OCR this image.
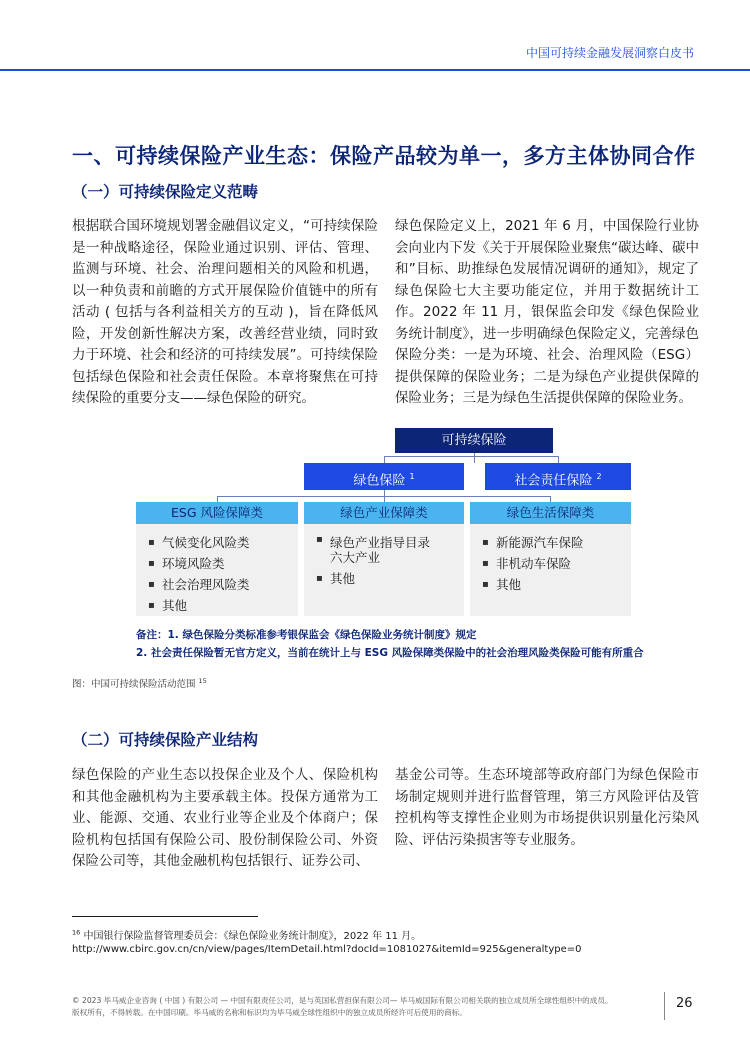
中国可持续金融发展洞察白皮书
一、可持续保险产业生态：保险产品较为单一，多方主体协同合作
（一）可持续保险定义范畴

根据联合国环境规划署金融倡议定义，“可持续保险是一种战略途径，保险业通过识别、评估、管理、监测与环境、社会、治理问题相关的风险和机遇，以一种负责和前瞻的方式开展保险价值链中的所有活动 ( 包括与各利益相关方的互动 )，旨在降低风险，开发创新性解决方案，改善经营业绩，同时致力于环境、社会和经济的可持续发展”。可持续保险包括绿色保险和社会责任保险。本章将聚焦在可持续保险的重要分支——绿色保险的研究。

绿色保险定义上，2021 年 6 月，中国保险行业协会向业内下发《关于开展保险业聚焦“碳达峰、碳中和”目标、助推绿色发展情况调研的通知》，规定了绿色保险七大主要功能定位，并用于数据统计工作。2022 年 11 月，银保监会印发《绿色保险业务统计制度》，进一步明确绿色保险定义，完善绿色保险分类：一是为环境、社会、治理风险（ESG）提供保障的保险业务；二是为绿色产业提供保障的保险业务；三是为绿色生活提供保障的保险业务。

可持续保险
绿色保险 $^1$	社会责任保险 $^2$
ESG 风险保障类
▪ 气候变化风险类
▪ 环境风险类
▪ 社会治理风险类
▪ 其他
绿色产业保障类
▪ 绿色产业指导目录六大产业
▪ 其他
绿色生活保障类
▪ 新能源汽车保险
▪ 非机动车保险
▪ 其他
备注：1. 绿色保险分类标准参考银保监会《绿色保险业务统计制度》规定
2. 社会责任保险暂无官方定义，当前在统计上与 ESG 风险保障类保险中的社会治理风险类保险可能有所重合
图：中国可持续保险活动范围 $^{15}$
（二）可持续保险产业结构

绿色保险的产业生态以投保企业及个人、保险机构和其他金融机构为主要承载主体。投保方通常为工业、能源、交通、农业行业等企业及个体商户；保险机构包括国有保险公司、股份制保险公司、外资保险公司等，其他金融机构包括银行、证券公司、

基金公司等。生态环境部等政府部门为绿色保险市场制定规则并进行监督管理，第三方风险评估及管控机构等支撑性企业则为市场提供识别量化污染风险、评估污染损害等专业服务。

$^{16}$ 中国银行保险监督管理委员会：《绿色保险业务统计制度》，2022 年 11 月。
http://www.cbirc.gov.cn/cn/view/pages/ItemDetail.html?docId=1081027&itemId=925&generaltype=0
© 2023 毕马威企业咨询 ( 中国 ) 有限公司 — 中国有限责任公司，是与英国私营担保有限公司— 毕马威国际有限公司相关联的独立成员所全球性组织中的成员。
版权所有，不得转载。在中国印刷。毕马威的名称和标识均为毕马威全球性组织中的独立成员所经许可后使用的商标。
26
